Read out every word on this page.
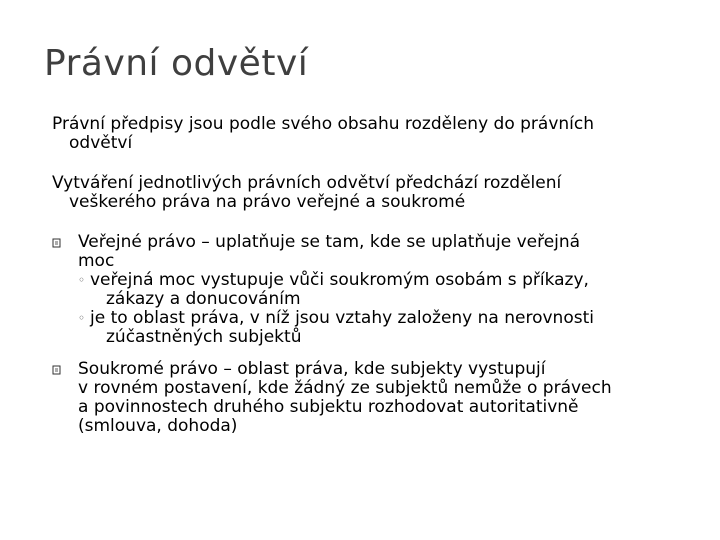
Právní odvětví
Právní předpisy jsou podle svého obsahu rozděleny do právních
odvětví
Vytváření jednotlivých právních odvětví předchází rozdělení
veškerého práva na právo veřejné a soukromé
Veřejné právo – uplatňuje se tam, kde se uplatňuje veřejná
moc
◦ veřejná moc vystupuje vůči soukromým osobám s příkazy,
zákazy a donucováním
◦ je to oblast práva, v níž jsou vztahy založeny na nerovnosti
zúčastněných subjektů
Soukromé právo – oblast práva, kde subjekty vystupují
v rovném postavení, kde žádný ze subjektů nemůže o právech
a povinnostech druhého subjektu rozhodovat autoritativně
(smlouva, dohoda)
